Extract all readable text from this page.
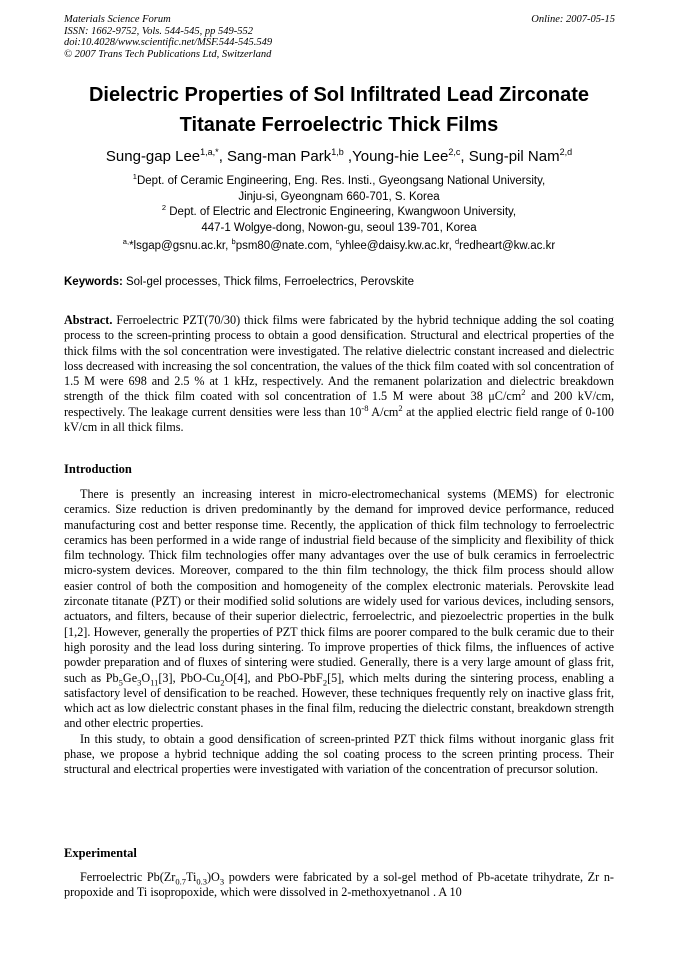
Materials Science Forum
ISSN: 1662-9752, Vols. 544-545, pp 549-552
doi:10.4028/www.scientific.net/MSF.544-545.549
© 2007 Trans Tech Publications Ltd, Switzerland
Online: 2007-05-15
Dielectric Properties of Sol Infiltrated Lead Zirconate
Titanate Ferroelectric Thick Films
Sung-gap Lee$^{1,a,*}$, Sang-man Park$^{1,b}$ ,Young-hie Lee$^{2,c}$, Sung-pil Nam$^{2,d}$
$^1$Dept. of Ceramic Engineering, Eng. Res. Insti., Gyeongsang National University,
Jinju-si, Gyeongnam 660-701, S. Korea
$^2$ Dept. of Electric and Electronic Engineering, Kwangwoon University,
447-1 Wolgye-dong, Nowon-gu, seoul 139-701, Korea
$^{a,}$*lsgap@gsnu.ac.kr, $^b$psm80@nate.com, $^c$yhlee@daisy.kw.ac.kr, $^d$redheart@kw.ac.kr
Keywords: Sol-gel processes, Thick films, Ferroelectrics, Perovskite
Abstract. Ferroelectric PZT(70/30) thick films were fabricated by the hybrid technique adding the sol coating process to the screen-printing process to obtain a good densification. Structural and electrical properties of the thick films with the sol concentration were investigated. The relative dielectric constant increased and dielectric loss decreased with increasing the sol concentration, the values of the thick film coated with sol concentration of 1.5 M were 698 and 2.5 % at 1 kHz, respectively. And the remanent polarization and dielectric breakdown strength of the thick film coated with sol concentration of 1.5 M were about 38 $\mu C/cm^2$ and 200 kV/cm, respectively. The leakage current densities were less than $10^{-8}$ $A/cm^2$ at the applied electric field range of 0-100 kV/cm in all thick films.
Introduction

There is presently an increasing interest in micro-electromechanical systems (MEMS) for electronic ceramics. Size reduction is driven predominantly by the demand for improved device performance, reduced manufacturing cost and better response time. Recently, the application of thick film technology to ferroelectric ceramics has been performed in a wide range of industrial field because of the simplicity and flexibility of thick film technology. Thick film technologies offer many advantages over the use of bulk ceramics in ferroelectric micro-system devices. Moreover, compared to the thin film technology, the thick film process should allow easier control of both the composition and homogeneity of the complex electronic materials. Perovskite lead zirconate titanate (PZT) or their modified solid solutions are widely used for various devices, including sensors, actuators, and filters, because of their superior dielectric, ferroelectric, and piezoelectric properties in the bulk [1,2]. However, generally the properties of PZT thick films are poorer compared to the bulk ceramic due to their high porosity and the lead loss during sintering. To improve properties of thick films, the influences of active powder preparation and of fluxes of sintering were studied. Generally, there is a very large amount of glass frit, such as $Pb_5Ge_3O_{11}[3]$, PbO-$Cu_2O[4]$, and PbO-PbF$_2$[5], which melts during the sintering process, enabling a satisfactory level of densification to be reached. However, these techniques frequently rely on inactive glass frit, which act as low dielectric constant phases in the final film, reducing the dielectric constant, breakdown strength and other electric properties.

In this study, to obtain a good densification of screen-printed PZT thick films without inorganic glass frit phase, we propose a hybrid technique adding the sol coating process to the screen printing process. Their structural and electrical properties were investigated with variation of the concentration of precursor solution.

Experimental

Ferroelectric $Pb(Zr_{0.7}Ti_{0.3})O_3$ powders were fabricated by a sol-gel method of Pb-acetate trihydrate, Zr n-propoxide and Ti isopropoxide, which were dissolved in 2-methoxyetnanol . A 10
